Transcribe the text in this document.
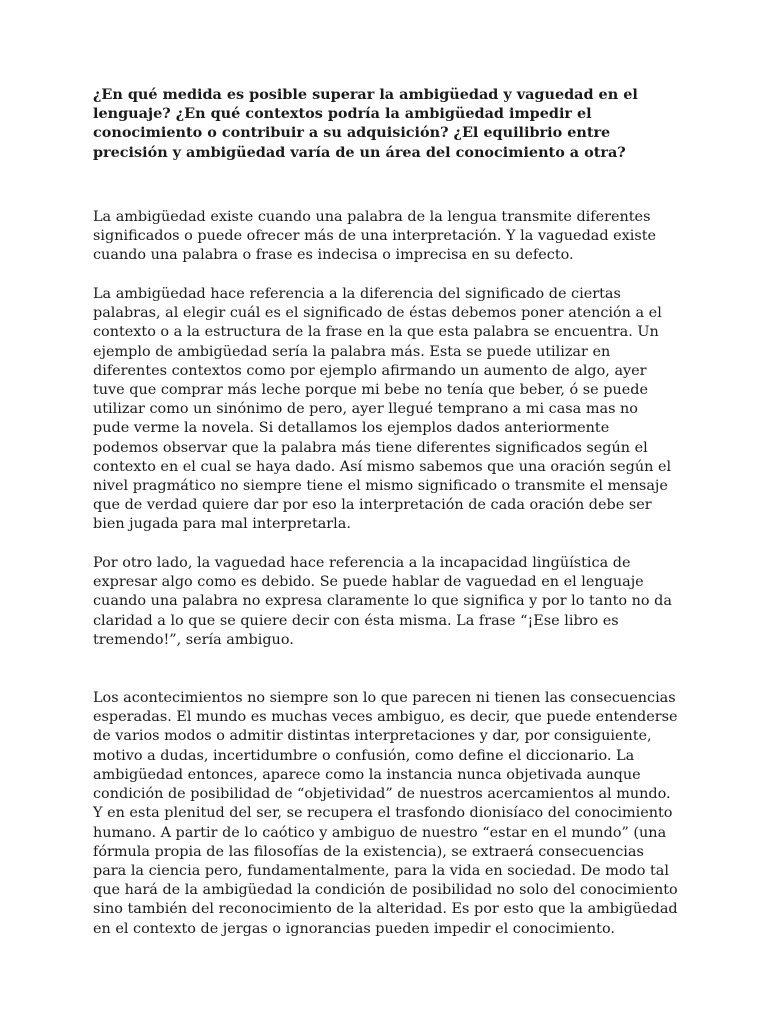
¿En qué medida es posible superar la ambigüedad y vaguedad en el lenguaje? ¿En qué contextos podría la ambigüedad impedir el conocimiento o contribuir a su adquisición? ¿El equilibrio entre precisión y ambigüedad varía de un área del conocimiento a otra?

La ambigüedad existe cuando una palabra de la lengua transmite diferentes significados o puede ofrecer más de una interpretación. Y la vaguedad existe cuando una palabra o frase es indecisa o imprecisa en su defecto.

La ambigüedad hace referencia a la diferencia del significado de ciertas palabras, al elegir cuál es el significado de éstas debemos poner atención a el contexto o a la estructura de la frase en la que esta palabra se encuentra. Un ejemplo de ambigüedad sería la palabra más. Esta se puede utilizar en diferentes contextos como por ejemplo afirmando un aumento de algo, ayer tuve que comprar más leche porque mi bebe no tenía que beber, ó se puede utilizar como un sinónimo de pero, ayer llegué temprano a mi casa mas no pude verme la novela. Si detallamos los ejemplos dados anteriormente podemos observar que la palabra más tiene diferentes significados según el contexto en el cual se haya dado. Así mismo sabemos que una oración según el nivel pragmático no siempre tiene el mismo significado o transmite el mensaje que de verdad quiere dar por eso la interpretación de cada oración debe ser bien jugada para mal interpretarla.

Por otro lado, la vaguedad hace referencia a la incapacidad lingüística de expresar algo como es debido. Se puede hablar de vaguedad en el lenguaje cuando una palabra no expresa claramente lo que significa y por lo tanto no da claridad a lo que se quiere decir con ésta misma. La frase “¡Ese libro es tremendo!”, sería ambiguo.

Los acontecimientos no siempre son lo que parecen ni tienen las consecuencias esperadas. El mundo es muchas veces ambiguo, es decir, que puede entenderse de varios modos o admitir distintas interpretaciones y dar, por consiguiente, motivo a dudas, incertidumbre o confusión, como define el diccionario. La ambigüedad entonces, aparece como la instancia nunca objetivada aunque condición de posibilidad de “objetividad” de nuestros acercamientos al mundo. Y en esta plenitud del ser, se recupera el trasfondo dionisíaco del conocimiento humano. A partir de lo caótico y ambiguo de nuestro “estar en el mundo” (una fórmula propia de las filosofías de la existencia), se extraerá consecuencias para la ciencia pero, fundamentalmente, para la vida en sociedad. De modo tal que hará de la ambigüedad la condición de posibilidad no solo del conocimiento sino también del reconocimiento de la alteridad. Es por esto que la ambigüedad en el contexto de jergas o ignorancias pueden impedir el conocimiento.
